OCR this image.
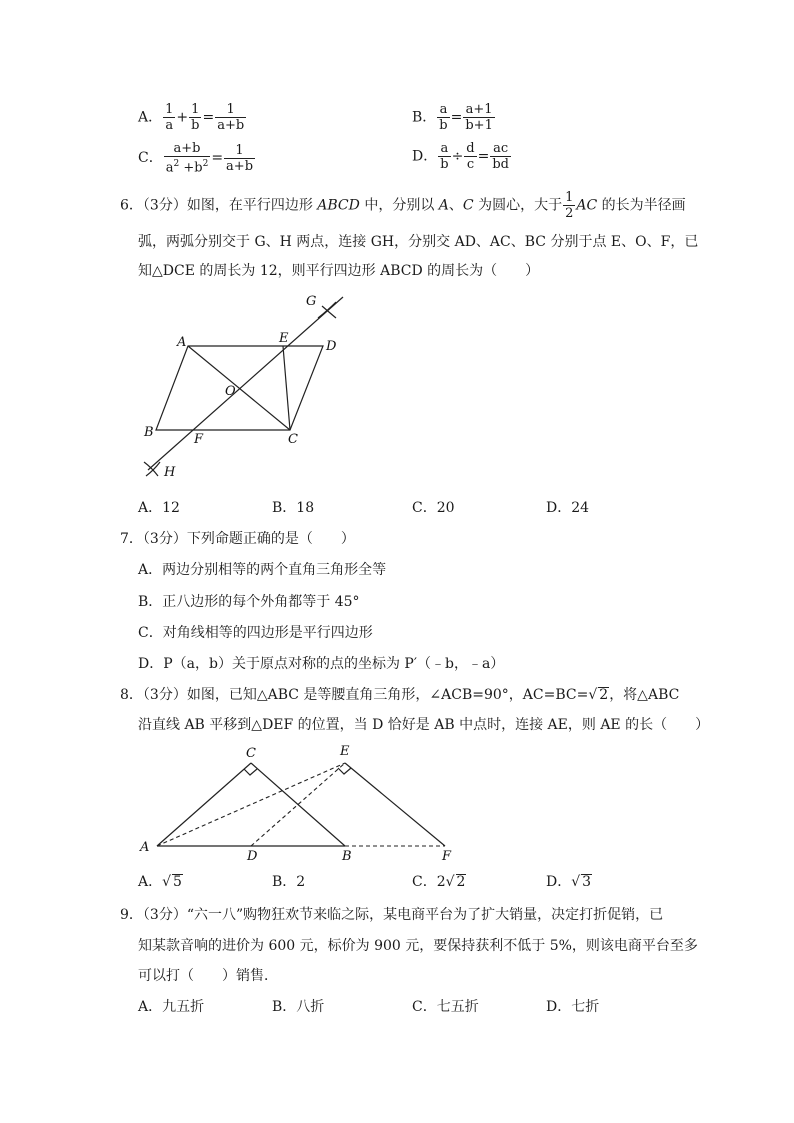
A． $\frac{1}{a} + \frac{1}{b} = \frac{1}{a+b}$	B． $\frac{a}{b} = \frac{a+1}{b+1}$
C． $\frac{a+b}{a^2 +b^2} = \frac{1}{a+b}$	D． $\frac{a}{b} \div \frac{d}{c} = \frac{ac}{bd}$
6．（3分）如图，在平行四边形 ABCD 中，分别以 A、C 为圆心，大于 $\frac{1}{2}$ AC 的长为半径画
弧，两弧分别交于 G、H 两点，连接 GH，分别交 AD、AC、BC 分别于点 E、O、F，已
知△DCE 的周长为 12，则平行四边形 ABCD 的周长为（　　）
G
A	E
D
O
B	F	C
H
C	E
A
D	B	F
A．12	B．18	C．20	D．24
7．（3分）下列命题正确的是（　　）
A．两边分别相等的两个直角三角形全等
B．正八边形的每个外角都等于 45°
C．对角线相等的四边形是平行四边形
D．P（a，b）关于原点对称的点的坐标为 P′（﹣b，﹣a）
8．（3分）如图，已知△ABC 是等腰直角三角形，∠ACB=90°，AC=BC=√ 2，将△ABC
沿直线 AB 平移到△DEF 的位置，当 D 恰好是 AB 中点时，连接 AE，则 AE 的长（　　）
A．√ 5	B．2	C．2√ 2	D．√ 3
9．（3分）“六一八”购物狂欢节来临之际，某电商平台为了扩大销量，决定打折促销，已
知某款音响的进价为 600 元，标价为 900 元，要保持获利不低于 5%，则该电商平台至多
可以打（　　）销售．
A．九五折	B．八折	C．七五折	D．七折
